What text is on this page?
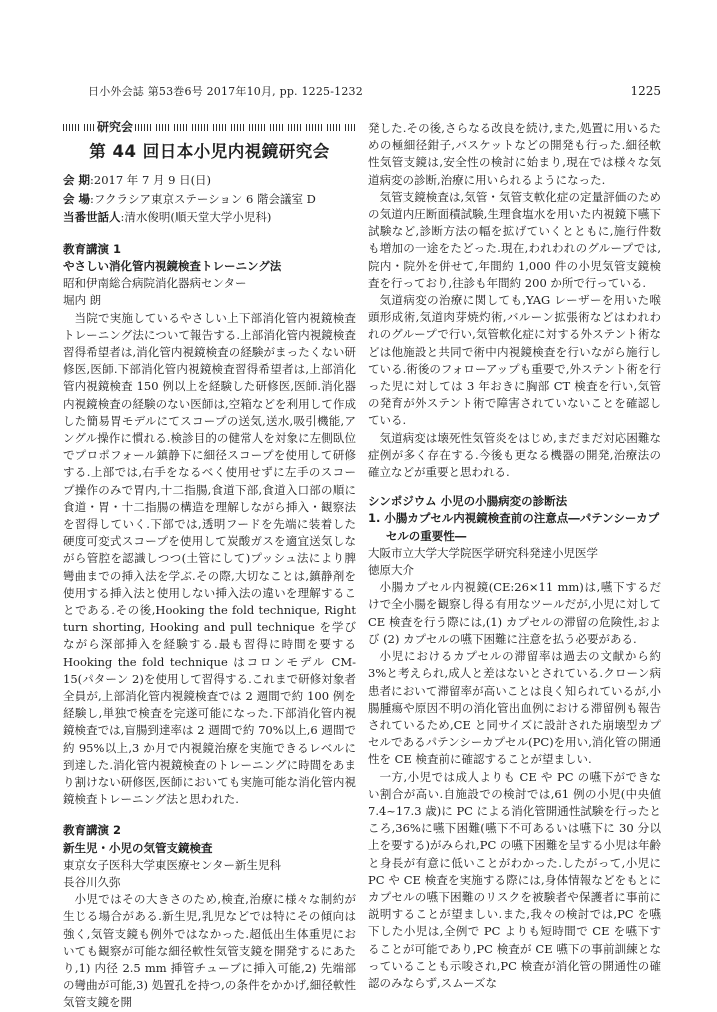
日小外会誌 第53巻6号 2017年10月, pp. 1225-1232	1225
研究会
第 44 回日本小児内視鏡研究会
会 期:2017 年 7 月 9 日(日)
会 場:フクラシア東京ステーション 6 階会議室 D
当番世話人:清水俊明(順天堂大学小児科)
教育講演 1
やさしい消化管内視鏡検査トレーニング法

昭和伊南総合病院消化器病センター

堀内 朗

当院で実施しているやさしい上下部消化管内視鏡検査トレーニング法について報告する.上部消化管内視鏡検査習得希望者は,消化管内視鏡検査の経験がまったくない研修医,医師.下部消化管内視鏡検査習得希望者は,上部消化管内視鏡検査 150 例以上を経験した研修医,医師.消化器内視鏡検査の経験のない医師は,空箱などを利用して作成した簡易胃モデルにてスコープの送気,送水,吸引機能,アングル操作に慣れる.検診目的の健常人を対象に左側臥位でプロポフォール鎮静下に細径スコープを使用して研修する.上部では,右手をなるべく使用せずに左手のスコープ操作のみで胃内,十二指腸,食道下部,食道入口部の順に食道・胃・十二指腸の構造を理解しながら挿入・観察法を習得していく.下部では,透明フードを先端に装着した硬度可変式スコープを使用して炭酸ガスを適宜送気しながら管腔を認識しつつ(土管にして)プッシュ法により脾彎曲までの挿入法を学ぶ.その際,大切なことは,鎮静剤を使用する挿入法と使用しない挿入法の違いを理解することである.その後,Hooking the fold technique, Right turn shorting, Hooking and pull technique を学びながら深部挿入を経験する.最も習得に時間を要する Hooking the fold technique はコロンモデル CM-15(パターン 2)を使用して習得する.これまで研修対象者全員が,上部消化管内視鏡検査では 2 週間で約 100 例を経験し,単独で検査を完遂可能になった.下部消化管内視鏡検査では,盲腸到達率は 2 週間で約 70%以上,6 週間で約 95%以上,3 か月で内視鏡治療を実施できるレベルに到達した.消化管内視鏡検査のトレーニングに時間をあまり割けない研修医,医師においても実施可能な消化管内視鏡検査トレーニング法と思われた.

教育講演 2
新生児・小児の気管支鏡検査

東京女子医科大学東医療センター新生児科

長谷川久弥

小児ではその大きさのため,検査,治療に様々な制約が生じる場合がある.新生児,乳児などでは特にその傾向は強く,気管支鏡も例外ではなかった.超低出生体重児においても観察が可能な細径軟性気管支鏡を開発するにあたり,1) 内径 2.5 mm 挿管チューブに挿入可能,2) 先端部の彎曲が可能,3) 処置孔を持つ,の条件をかかげ,細径軟性気管支鏡を開

発した.その後,さらなる改良を続け,また,処置に用いるための極細径鉗子,バスケットなどの開発も行った.細径軟性気管支鏡は,安全性の検討に始まり,現在では様々な気道病変の診断,治療に用いられるようになった.

気管支鏡検査は,気管・気管支軟化症の定量評価のための気道内圧断面積試験,生理食塩水を用いた内視鏡下嚥下試験など,診断方法の幅を拡げていくとともに,施行件数も増加の一途をたどった.現在,われわれのグループでは,院内・院外を併せて,年間約 1,000 件の小児気管支鏡検査を行っており,往診も年間約 200 か所で行っている.

気道病変の治療に関しても,YAG レーザーを用いた喉頭形成術,気道肉芽焼灼術,バルーン拡張術などはわれわれのグループで行い,気管軟化症に対する外ステント術などは他施設と共同で術中内視鏡検査を行いながら施行している.術後のフォローアップも重要で,外ステント術を行った児に対しては 3 年おきに胸部 CT 検査を行い,気管の発育が外ステント術で障害されていないことを確認している.

気道病変は壊死性気管炎をはじめ,まだまだ対応困難な症例が多く存在する.今後も更なる機器の開発,治療法の確立などが重要と思われる.

シンポジウム 小児の小腸病変の診断法
1. 小腸カプセル内視鏡検査前の注意点―パテンシーカプセルの重要性―

大阪市立大学大学院医学研究科発達小児医学

徳原大介

小腸カプセル内視鏡(CE:26×11 mm)は,嚥下するだけで全小腸を観察し得る有用なツールだが,小児に対して CE 検査を行う際には,(1) カプセルの滞留の危険性,および (2) カプセルの嚥下困難に注意を払う必要がある.

小児におけるカプセルの滞留率は過去の文献から約 3%と考えられ,成人と差はないとされている.クローン病患者において滞留率が高いことは良く知られているが,小腸腫瘍や原因不明の消化管出血例における滞留例も報告されているため,CE と同サイズに設計された崩壊型カプセルであるパテンシーカプセル(PC)を用い,消化管の開通性を CE 検査前に確認することが望ましい.

一方,小児では成人よりも CE や PC の嚥下ができない割合が高い.自施設での検討では,61 例の小児(中央値 7.4~17.3 歳)に PC による消化管開通性試験を行ったところ,36%に嚥下困難(嚥下不可あるいは嚥下に 30 分以上を要する)がみられ,PC の嚥下困難を呈する小児は年齢と身長が有意に低いことがわかった.したがって,小児に PC や CE 検査を実施する際には,身体情報などをもとにカプセルの嚥下困難のリスクを被験者や保護者に事前に説明することが望ましい.また,我々の検討では,PC を嚥下した小児は,全例で PC よりも短時間で CE を嚥下することが可能であり,PC 検査が CE 嚥下の事前訓練となっていることも示唆され,PC 検査が消化管の開通性の確認のみならず,スムーズな
